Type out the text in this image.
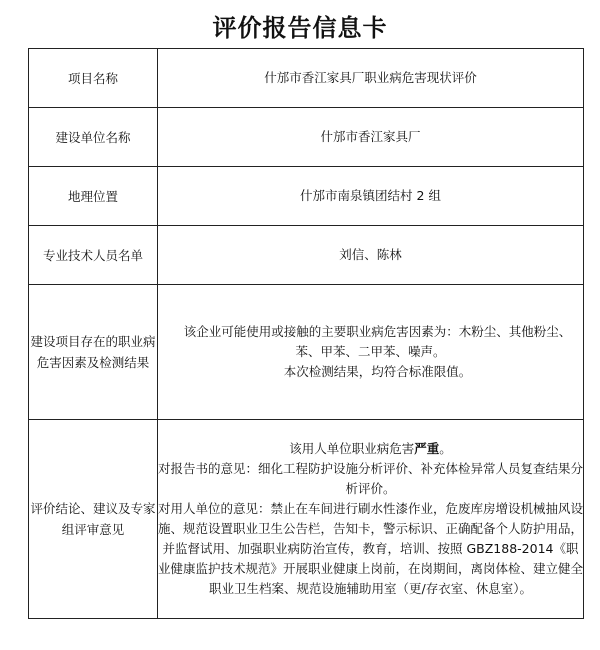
评价报告信息卡
项目名称	什邡市香江家具厂职业病危害现状评价
建设单位名称	什邡市香江家具厂
地理位置	什邡市南泉镇团结村 2 组
专业技术人员名单	刘信、陈林
建设项目存在的职业病危害因素及检测结果	该企业可能使用或接触的主要职业病危害因素为：木粉尘、其他粉尘、苯、甲苯、二甲苯、噪声。
本次检测结果，均符合标准限值。

评价结论、建议及专家组评审意见	该用人单位职业病危害严重。
对报告书的意见：细化工程防护设施分析评价、补充体检异常人员复查结果分析评价。
对用人单位的意见：禁止在车间进行刷水性漆作业，危废库房增设机械抽风设施、规范设置职业卫生公告栏，告知卡，警示标识、正确配备个人防护用品，并监督试用、加强职业病防治宣传，教育，培训、按照 GBZ188-2014《职业健康监护技术规范》开展职业健康上岗前，在岗期间，离岗体检、建立健全职业卫生档案、规范设施辅助用室（更/存衣室、休息室）。
